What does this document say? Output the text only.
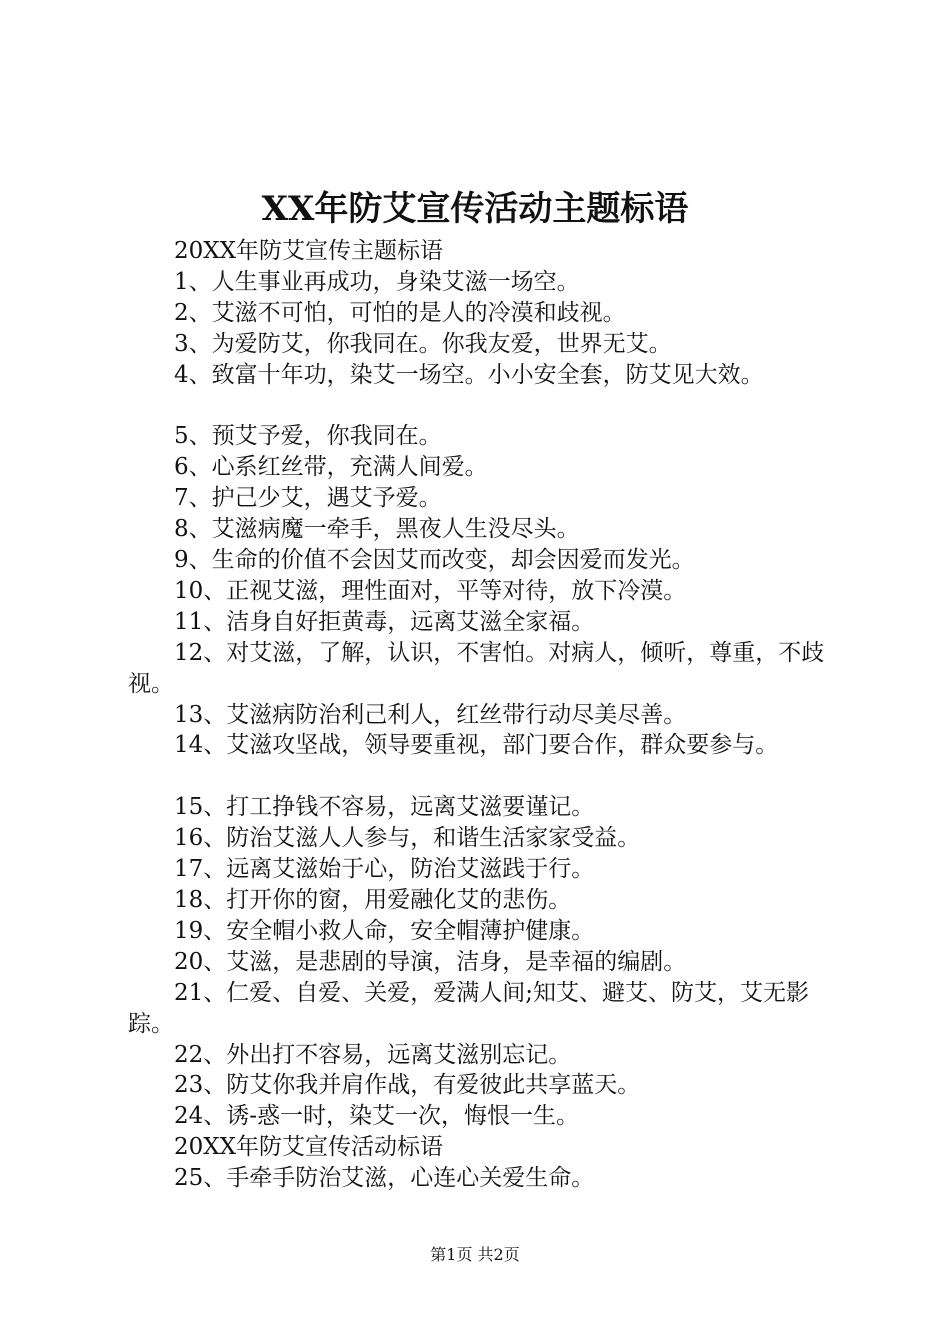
XX年防艾宣传活动主题标语

20XX年防艾宣传主题标语

1、人生事业再成功，身染艾滋一场空。

2、艾滋不可怕，可怕的是人的冷漠和歧视。

3、为爱防艾，你我同在。你我友爱，世界无艾。

4、致富十年功，染艾一场空。小小安全套，防艾见大效。

5、预艾予爱，你我同在。

6、心系红丝带，充满人间爱。

7、护己少艾，遇艾予爱。

8、艾滋病魔一牵手，黑夜人生没尽头。

9、生命的价值不会因艾而改变，却会因爱而发光。

10、正视艾滋，理性面对，平等对待，放下冷漠。

11、洁身自好拒黄毒，远离艾滋全家福。

12、对艾滋，了解，认识，不害怕。对病人，倾听，尊重，不歧视。

13、艾滋病防治利己利人，红丝带行动尽美尽善。

14、艾滋攻坚战，领导要重视，部门要合作，群众要参与。

15、打工挣钱不容易，远离艾滋要谨记。

16、防治艾滋人人参与，和谐生活家家受益。

17、远离艾滋始于心，防治艾滋践于行。

18、打开你的窗，用爱融化艾的悲伤。

19、安全帽小救人命，安全帽薄护健康。

20、艾滋，是悲剧的导演，洁身，是幸福的编剧。

21、仁爱、自爱、关爱，爱满人间;知艾、避艾、防艾，艾无影踪。

22、外出打不容易，远离艾滋别忘记。

23、防艾你我并肩作战，有爱彼此共享蓝天。

24、诱-惑一时，染艾一次，悔恨一生。

20XX年防艾宣传活动标语

25、手牵手防治艾滋，心连心关爱生命。

第1页 共2页
